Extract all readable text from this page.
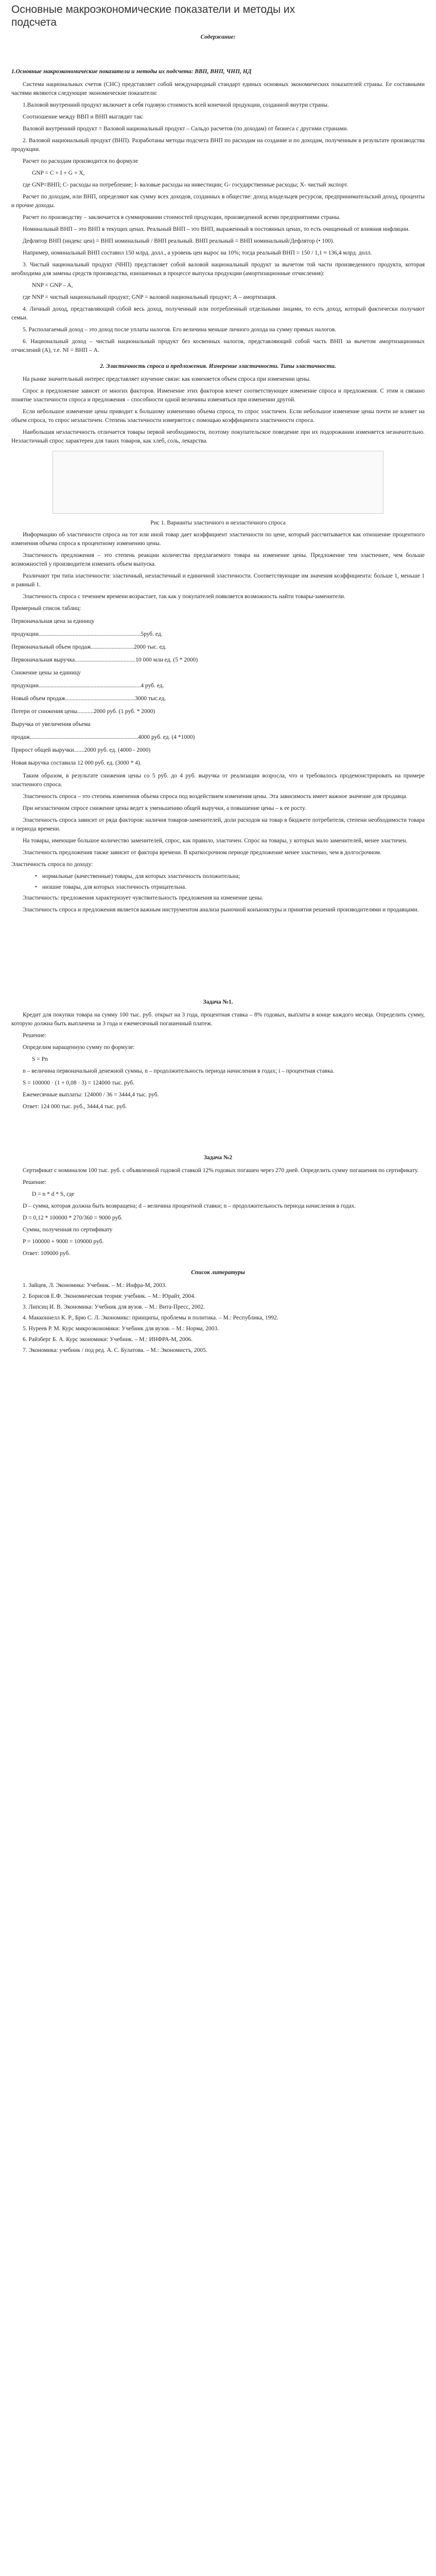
Основные макроэкономические показатели и методы их подсчета
Содержание:
1.Основные макроэкономические показатели и методы их подсчета: ВВП, ВНП, ЧНП, НД

Система национальных счетов (СНС) представляет собой международный стандарт единых основных экономических показателей страны. Ее составными частями являются следующие экономические показатели:

1.Валовой внутренний продукт включает в себя годовую стоимость всей конечной продукции, созданной внутри страны.

Соотношение между ВВП и ВНП выглядит так:

Валовой внутренний продукт = Валовой национальный продукт – Сальдо расчетов (по доходам) от бизнеса с другими странами.

2. Валовой национальный продукт (ВНП). Разработаны методы подсчета ВНП по расходам на создание и по доходам, полученным в результате производства продукции.

Расчет по расходам производится по формуле

GNP = C + I + G + X,

где GNP=ВНП; C- расходы на потребление; I- валовые расходы на инвестиции; G- государственные расходы; Х- чистый экспорт.

Расчет по доходам, или ВНП, определяют как сумму всех доходов, созданных в обществе: доход владельцев ресурсов, предпринимательский доход, проценты и прочие доходы.

Расчет по производству – заключается в суммировании стоимостей продукции, произведенной всеми предприятиями страны.

Номинальный ВНП – это ВНП в текущих ценах. Реальный ВНП – это ВНП, выраженный в постоянных ценах, то есть очищенный от влияния инфляции.

Дефлятор ВНП (индекс цен) = ВНП номинальный / ВНП реальный. ВНП реальный = ВНП номинальный/Дефлятор (• 100).

Например, номинальный ВНП составил 150 млрд. долл., а уровень цен вырос на 10%; тогда реальный ВНП = 150 / 1,1 ≈ 136,4 млрд. долл.

3. Чистый национальный продукт (ЧНП) представляет собой валовой национальный продукт за вычетом той части произведенного продукта, которая необходима для замены средств производства, изношенных в процессе выпуска продукции (амортизационные отчисления):

NNP = GNP – A,

где NNP = чистый национальный продукт; GNP = валовой национальный продукт; А – амортизация.

4. Личный доход, представляющий собой весь доход, полученный или потребленный отдельными лицами, то есть доход, который фактически получают семьи.

5. Располагаемый доход – это доход после уплаты налогов. Его величина меньше личного дохода на сумму прямых налогов.

6. Национальный доход – чистый национальный продукт без косвенных налогов, представляющий собой часть ВНП за вычетом амортизационных отчислений (А), т.е. NI = ВНП – А.

2. Эластичность спроса и предложения. Измерение эластичности. Типы эластичности.

На рынке значительный интерес представляет изучение связи: как изменяется объем спроса при изменении цены.

Спрос и предложение зависят от многих факторов. Изменение этих факторов влечет соответствующее изменение спроса и предложения. С этим и связано понятие эластичности спроса и предложения – способности одной величины изменяться при изменении другой.

Если небольшое изменение цены приводит к большому изменению объема спроса, то спрос эластичен. Если небольшое изменение цены почти не влияет на объем спроса, то спрос неэластичен. Степень эластичности измеряется с помощью коэффициента эластичности спроса.

Наибольшая неэластичность отличается товары первой необходимости, поэтому покупательское поведение при их подорожании изменяется незначительно. Неэластичный спрос характерен для таких товаров, как хлеб, соль, лекарства.

Рис 1. Варианты эластичного и неэластичного спроса

Информацию об эластичности спроса на тот или иной товар дает коэффициент эластичности по цене, который рассчитывается как отношение процентного изменения объема спроса к процентному изменению цены.

Эластичность предложения – это степень реакции количества предлагаемого товара на изменение цены. Предложение тем эластичнее, чем больше возможностей у производителя изменить объем выпуска.

Различают три типа эластичности: эластичный, неэластичный и единичной эластичности. Соответствующие им значения коэффициента: больше 1, меньше 1 и равный 1.

Эластичность спроса с течением времени возрастает, так как у покупателей появляется возможность найти товары-заменители.

Примерный список таблиц:

Первоначальная цена за единицу

продукции.....................................................................5руб. ед.

Первоначальный объем продаж.............................2000 тыс. ед.

Первоначальная выручка.........................................10 000 млн ед. (5 * 2000)

Снижение цены за единицу

продукции.....................................................................4 руб. ед.

Новый объем продаж...............................................3000 тыс.ед.

Потери от снижения цены...........2000 руб. (1 руб. * 2000)

Выручка от увеличения объема

продаж.........................................................................4000 руб. ед. (4 *1000)

Прирост общей выручки.......2000 руб. ед. (4000 - 2000)

Новая выручка составила 12 000 руб. ед. (3000 * 4).

Таким образом, в результате снижения цены со 5 руб. до 4 руб. выручка от реализации возросла, что и требовалось продемонстрировать на примере эластичного спроса.

Эластичность спроса – это степень изменения объема спроса под воздействием изменения цены. Эта зависимость имеет важное значение для продавца.

При неэластичном спросе снижение цены ведет к уменьшению общей выручки, а повышение цены – к ее росту.

Эластичность спроса зависит от ряда факторов: наличия товаров-заменителей, доли расходов на товар в бюджете потребителя, степени необходимости товара и периода времени.

На товары, имеющие большое количество заменителей, спрос, как правило, эластичен. Спрос на товары, у которых мало заменителей, менее эластичен.

Эластичность предложения также зависит от фактора времени. В краткосрочном периоде предложение менее эластично, чем в долгосрочном.

Эластичность спроса по доходу:

• нормальные (качественные) товары, для которых эластичность положительна;

• низшие товары, для которых эластичность отрицательна.

Эластичность: предложения характеризует чувствительность предложения на изменение цены.

Эластичность спроса и предложения является важным инструментом анализа рыночной конъюнктуры и принятия решений производителями и продавцами.

Задача №1.

Кредит для покупки товара на сумму 100 тыс. руб. открыт на 3 года, процентная ставка – 8% годовых, выплаты в конце каждого месяца. Определить сумму, которую должна быть выплачена за 3 года и ежемесячный погашенный платеж.

Решение:

Определим наращенную сумму по формуле:

S = Pn

n – величина первоначальной денежной суммы, n – продолжительность периода начисления в годах; i – процентная ставка.

S = 100000 · (1 + 0,08 · 3) = 124000 тыс. руб.

Ежемесячные выплаты: 124000 / 36 = 3444,4 тыс. руб.

Ответ: 124 000 тыс. руб., 3444,4 тыс. руб.

Задача №2

Сертификат с номиналом 100 тыс. руб. с объявленной годовой ставкой 12% годовых погашен через 270 дней. Определить сумму погашения по сертификату.

Решение:

D = n * d * S, где

D – сумма, которая должна быть возвращена; d – величина процентной ставки; n – продолжительность периода начисления в годах.

D = 0,12 * 100000 * 270/360 = 9000 руб.

Сумма, полученная по сертификату

P = 100000 + 9000 = 109000 руб.

Ответ: 109000 руб.

Список литературы

1. Зайцев, Л. Экономика: Учебник. – М.: Инфра-М, 2003.

2. Борисов Е.Ф. Экономическая теория: учебник. – М.: Юрайт, 2004.

3. Липсиц И. В. Экономика: Учебник для вузов. – М.: Вита-Пресс, 2002.

4. Макконнелл К. Р., Брю С. Л. Экономикс: принципы, проблемы и политика. – М.: Республика, 1992.

5. Нуреев Р. М. Курс микроэкономики: Учебник для вузов. – М.: Норма, 2003.

6. Райзберг Б. А. Курс экономики: Учебник. – М.: ИНФРА-М, 2006.

7. Экономика: учебник / под ред. А. С. Булатова. – М.: Экономистъ, 2005.
